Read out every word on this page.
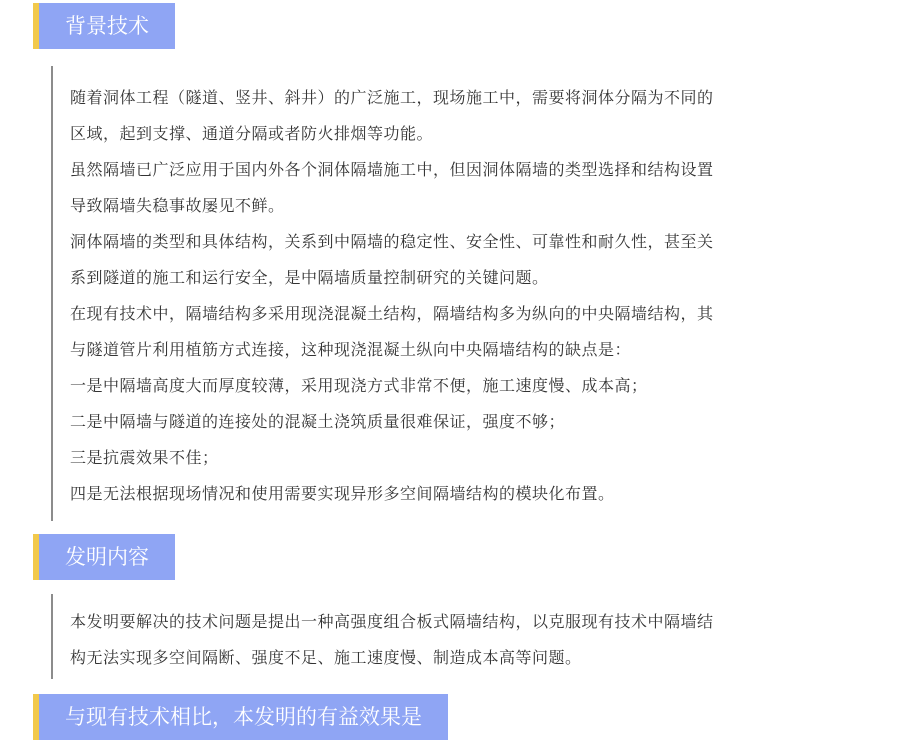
背景技术

随着洞体工程（隧道、竖井、斜井）的广泛施工，现场施工中，需要将洞体分隔为不同的

区域，起到支撑、通道分隔或者防火排烟等功能。

虽然隔墙已广泛应用于国内外各个洞体隔墙施工中，但因洞体隔墙的类型选择和结构设置

导致隔墙失稳事故屡见不鲜。

洞体隔墙的类型和具体结构，关系到中隔墙的稳定性、安全性、可靠性和耐久性，甚至关

系到隧道的施工和运行安全，是中隔墙质量控制研究的关键问题。

在现有技术中，隔墙结构多采用现浇混凝土结构，隔墙结构多为纵向的中央隔墙结构，其

与隧道管片利用植筋方式连接，这种现浇混凝土纵向中央隔墙结构的缺点是：

一是中隔墙高度大而厚度较薄，采用现浇方式非常不便，施工速度慢、成本高；

二是中隔墙与隧道的连接处的混凝土浇筑质量很难保证，强度不够；

三是抗震效果不佳；

四是无法根据现场情况和使用需要实现异形多空间隔墙结构的模块化布置。

发明内容

本发明要解决的技术问题是提出一种高强度组合板式隔墙结构，以克服现有技术中隔墙结

构无法实现多空间隔断、强度不足、施工速度慢、制造成本高等问题。

与现有技术相比，本发明的有益效果是
